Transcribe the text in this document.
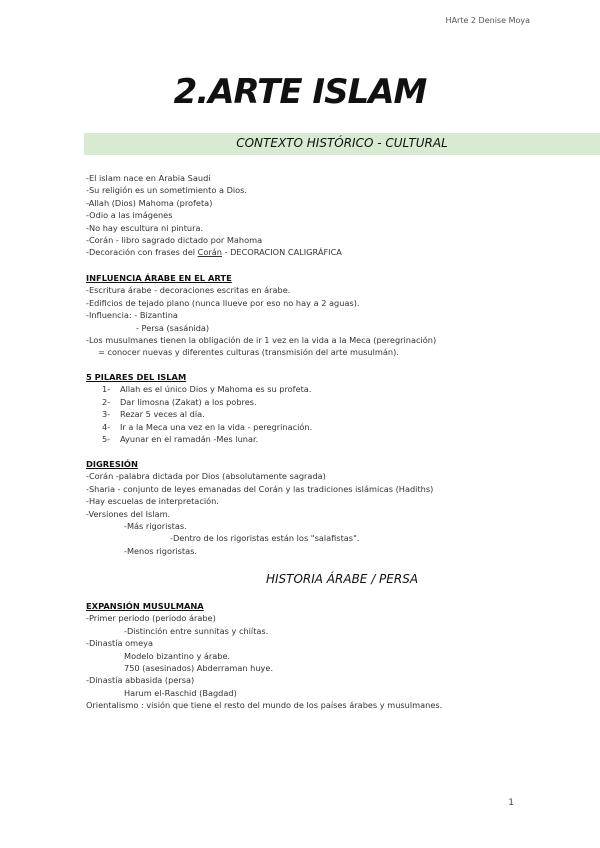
HArte 2 Denise Moya
2.ARTE ISLAM
CONTEXTO HISTÓRICO - CULTURAL
-El islam nace en Arabia Saudí
-Su religión es un sometimiento a Dios.
-Allah (Dios) Mahoma (profeta)
-Odio a las imágenes
-No hay escultura ni pintura.
-Corán - libro sagrado dictado por Mahoma
-Decoración con frases del Corán - DECORACION CALIGRÁFICA
INFLUENCIA ÁRABE EN EL ARTE
-Escritura árabe - decoraciones escritas en árabe.
-Edificios de tejado plano (nunca llueve por eso no hay a 2 aguas).
-Influencia: - Bizantina
- Persa (sasánida)
-Los musulmanes tienen la obligación de ir 1 vez en la vida a la Meca (peregrinación)
= conocer nuevas y diferentes culturas (transmisión del arte musulmán).
5 PILARES DEL ISLAM
1- Allah es el único Dios y Mahoma es su profeta.
2- Dar limosna (Zakat) a los pobres.
3- Rezar 5 veces al día.
4- Ir a la Meca una vez en la vida - peregrinación.
5- Ayunar en el ramadán -Mes lunar.
DIGRESIÓN
-Corán -palabra dictada por Dios (absolutamente sagrada)
-Sharia - conjunto de leyes emanadas del Corán y las tradiciones islámicas (Hadiths)
-Hay escuelas de interpretación.
-Versiones del Islam.
-Más rigoristas.
-Dentro de los rigoristas están los "salafistas".
-Menos rigoristas.
HISTORIA ÁRABE / PERSA
EXPANSIÓN MUSULMANA
-Primer periodo (periodo árabe)
-Distinción entre sunnitas y chiítas.
-Dinastía omeya
Modelo bizantino y árabe.
750 (asesinados) Abderraman huye.
-Dinastía abbasida (persa)
Harum el-Raschid (Bagdad)
Orientalismo : visión que tiene el resto del mundo de los países árabes y musulmanes.
1
